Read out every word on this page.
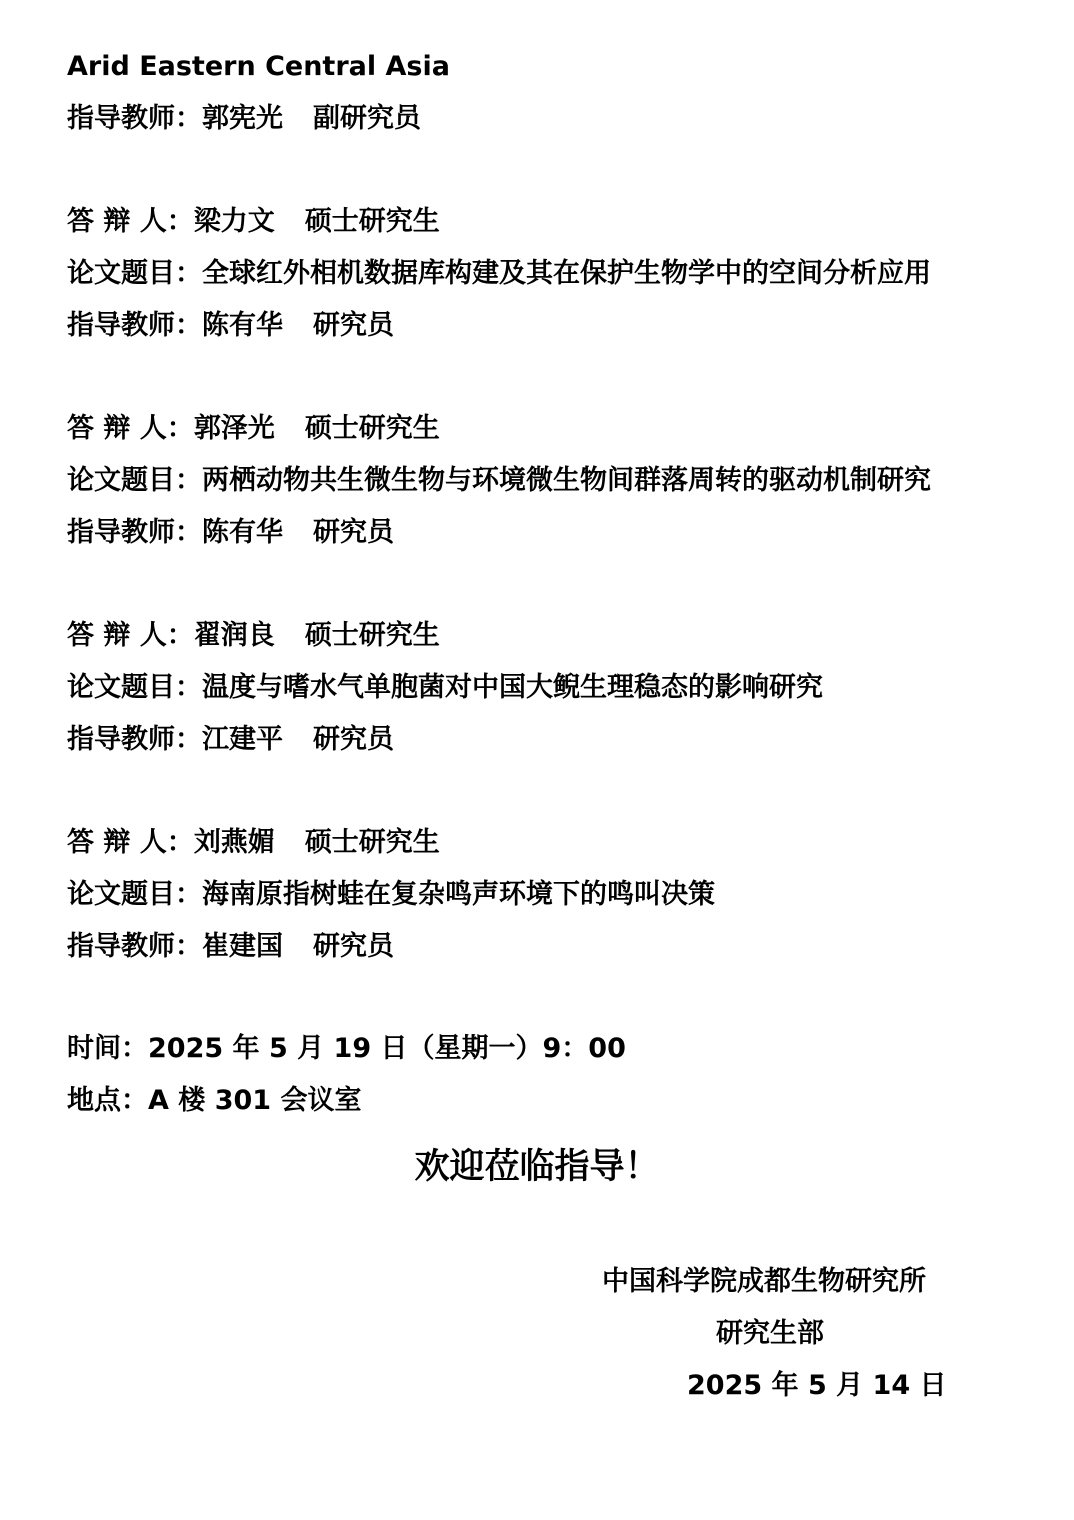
Arid Eastern Central Asia
指导教师：郭宪光 副研究员
答 辩 人：梁力文 硕士研究生
论文题目：全球红外相机数据库构建及其在保护生物学中的空间分析应用
指导教师：陈有华 研究员
答 辩 人：郭泽光 硕士研究生
论文题目：两栖动物共生微生物与环境微生物间群落周转的驱动机制研究
指导教师：陈有华 研究员
答 辩 人：翟润良 硕士研究生
论文题目：温度与嗜水气单胞菌对中国大鲵生理稳态的影响研究
指导教师：江建平 研究员
答 辩 人：刘燕媚 硕士研究生
论文题目：海南原指树蛙在复杂鸣声环境下的鸣叫决策
指导教师：崔建国 研究员
时间：2025 年 5 月 19 日（星期一）9：00
地点：A 楼 301 会议室
欢迎莅临指导！
中国科学院成都生物研究所
研究生部
2025 年 5 月 14 日
